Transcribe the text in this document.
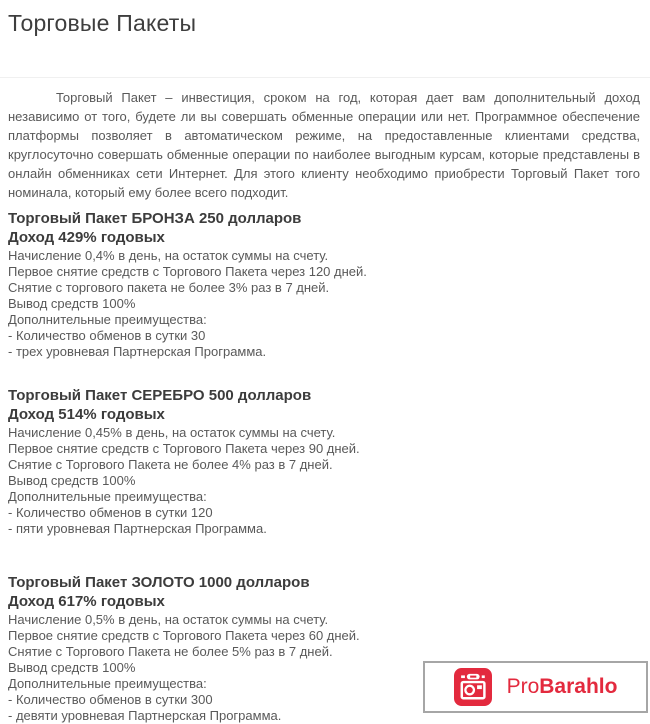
Торговые Пакеты

Торговый Пакет – инвестиция, сроком на год, которая дает вам дополнительный доход независимо от того, будете ли вы совершать обменные операции или нет. Программное обеспечение платформы позволяет в автоматическом режиме, на предоставленные клиентами средства, круглосуточно совершать обменные операции по наиболее выгодным курсам, которые представлены в онлайн обменниках сети Интернет. Для этого клиенту необходимо приобрести Торговый Пакет того номинала, который ему более всего подходит.

Торговый Пакет БРОНЗА 250 долларов
Доход 429% годовых
Начисление 0,4% в день, на остаток суммы на счету.
Первое снятие средств с Торгового Пакета через 120 дней.
Снятие с торгового пакета не более 3% раз в 7 дней.
Вывод средств 100%
Дополнительные преимущества:
- Количество обменов в сутки 30
- трех уровневая Партнерская Программа.
Торговый Пакет СЕРЕБРО 500 долларов
Доход 514% годовых
Начисление 0,45% в день, на остаток суммы на счету.
Первое снятие средств с Торгового Пакета через 90 дней.
Снятие с Торгового Пакета не более 4% раз в 7 дней.
Вывод средств 100%
Дополнительные преимущества:
- Количество обменов в сутки 120
- пяти уровневая Партнерская Программа.
Торговый Пакет ЗОЛОТО 1000 долларов
Доход 617% годовых
Начисление 0,5% в день, на остаток суммы на счету.
Первое снятие средств с Торгового Пакета через 60 дней.
Снятие с Торгового Пакета не более 5% раз в 7 дней.
Вывод средств 100%
Дополнительные преимущества:
- Количество обменов в сутки 300
- девяти уровневая Партнерская Программа.
ProBarahlo
